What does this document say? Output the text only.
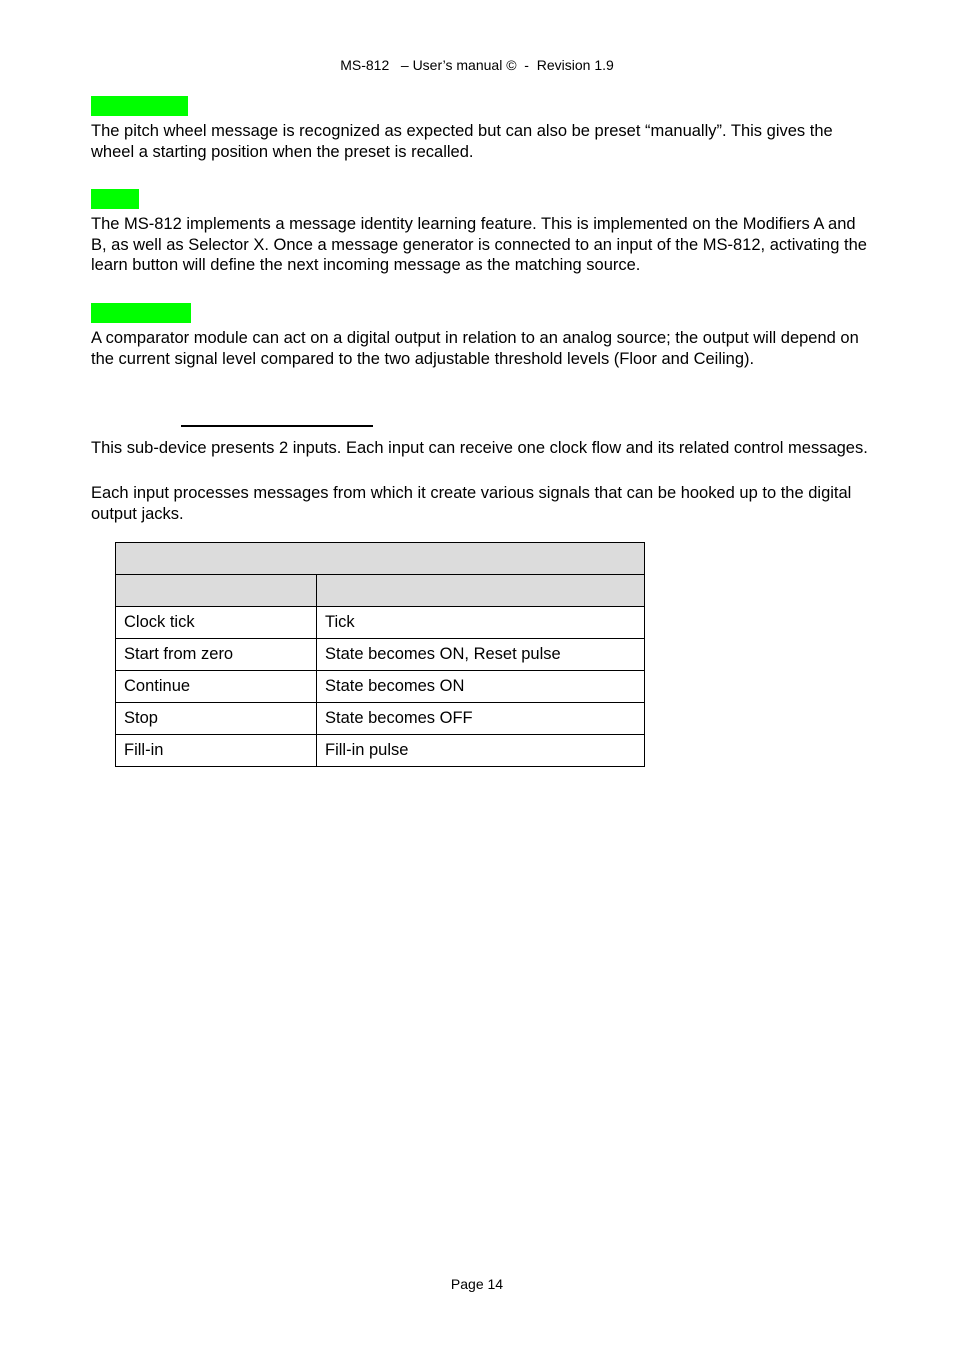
MS-812   – User’s manual ©  -  Revision 1.9
The pitch wheel message is recognized as expected but can also be preset “manually”. This gives the wheel a starting position when the preset is recalled.
The MS-812 implements a message identity learning feature. This is implemented on the Modifiers A and B, as well as Selector X. Once a message generator is connected to an input of the MS-812, activating the learn button will define the next incoming message as the matching source.
A comparator module can act on a digital output in relation to an analog source; the output will depend on the current signal level compared to the two adjustable threshold levels (Floor and Ceiling).
This sub-device presents 2 inputs. Each input can receive one clock flow and its related control messages.
Each input processes messages from which it create various signals that can be hooked up to the digital output jacks.

Clock tick	Tick
Start from zero	State becomes ON, Reset pulse
Continue	State becomes ON
Stop	State becomes OFF
Fill-in	Fill-in pulse
Page 14
